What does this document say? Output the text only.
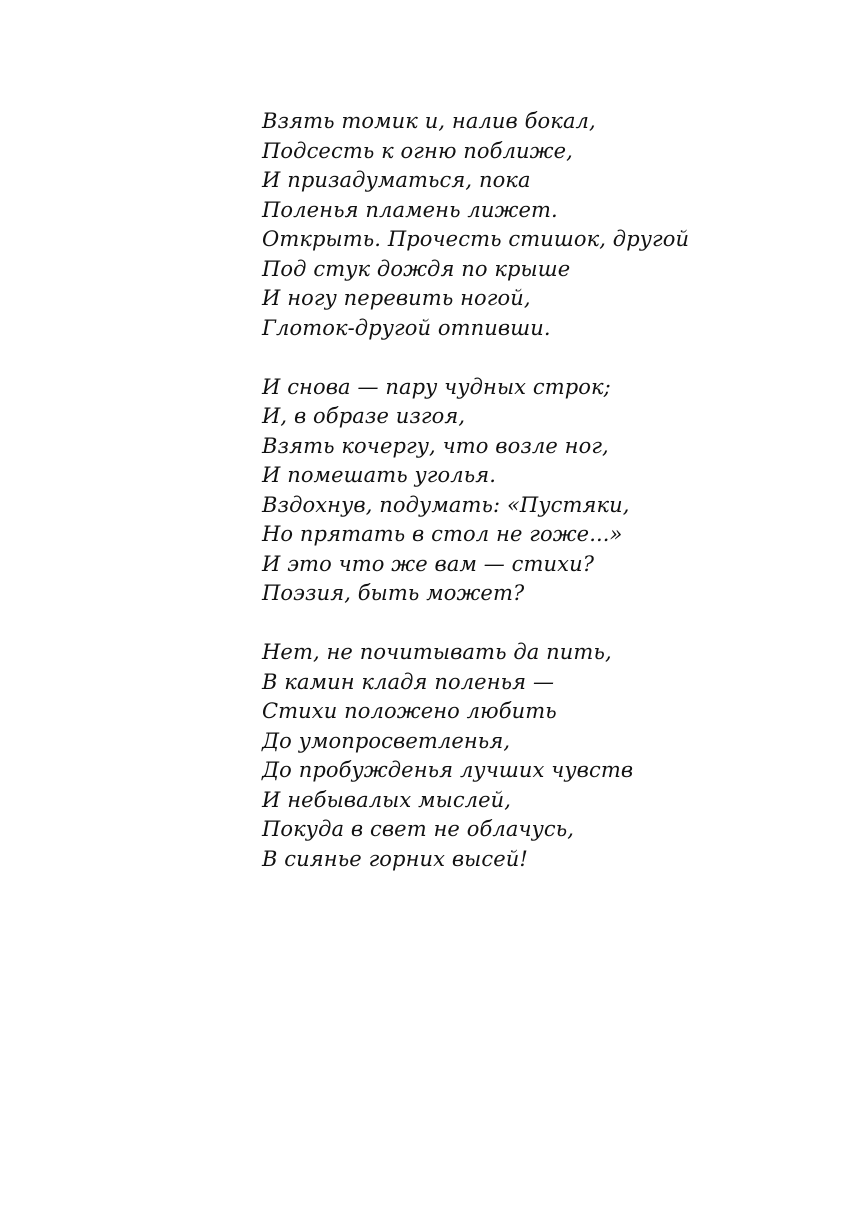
Взять томик и, налив бокал,
Подсесть к огню поближе,
И призадуматься, пока
Поленья пламень лижет.
Открыть. Прочесть стишок, другой
Под стук дождя по крыше
И ногу перевить ногой,
Глоток-другой отпивши.
И снова — пару чудных строк;
И, в образе изгоя,
Взять кочергу, что возле ног,
И помешать уголья.
Вздохнув, подумать: «Пустяки,
Но прятать в стол не гоже...»
И это что же вам — стихи?
Поэзия, быть может?
Нет, не почитывать да пить,
В камин кладя поленья —
Стихи положено любить
До умопросветленья,
До пробужденья лучших чувств
И небывалых мыслей,
Покуда в свет не облачусь,
В сиянье горних высей!
